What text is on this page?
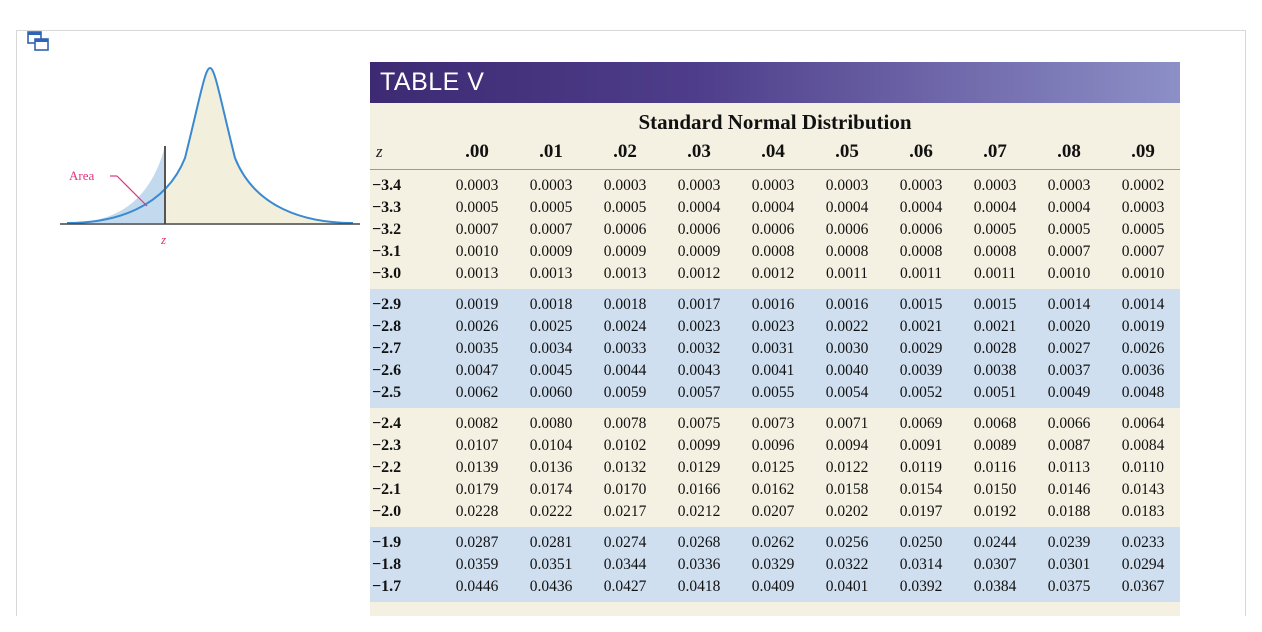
Area
z
TABLE V
Standard Normal Distribution
z	.00	.01	.02	.03	.04	.05	.06	.07	.08	.09
−3.4	0.0003	0.0003	0.0003	0.0003	0.0003	0.0003	0.0003	0.0003	0.0003	0.0002
−3.3	0.0005	0.0005	0.0005	0.0004	0.0004	0.0004	0.0004	0.0004	0.0004	0.0003
−3.2	0.0007	0.0007	0.0006	0.0006	0.0006	0.0006	0.0006	0.0005	0.0005	0.0005
−3.1	0.0010	0.0009	0.0009	0.0009	0.0008	0.0008	0.0008	0.0008	0.0007	0.0007
−3.0	0.0013	0.0013	0.0013	0.0012	0.0012	0.0011	0.0011	0.0011	0.0010	0.0010
−2.9	0.0019	0.0018	0.0018	0.0017	0.0016	0.0016	0.0015	0.0015	0.0014	0.0014
−2.8	0.0026	0.0025	0.0024	0.0023	0.0023	0.0022	0.0021	0.0021	0.0020	0.0019
−2.7	0.0035	0.0034	0.0033	0.0032	0.0031	0.0030	0.0029	0.0028	0.0027	0.0026
−2.6	0.0047	0.0045	0.0044	0.0043	0.0041	0.0040	0.0039	0.0038	0.0037	0.0036
−2.5	0.0062	0.0060	0.0059	0.0057	0.0055	0.0054	0.0052	0.0051	0.0049	0.0048
−2.4	0.0082	0.0080	0.0078	0.0075	0.0073	0.0071	0.0069	0.0068	0.0066	0.0064
−2.3	0.0107	0.0104	0.0102	0.0099	0.0096	0.0094	0.0091	0.0089	0.0087	0.0084
−2.2	0.0139	0.0136	0.0132	0.0129	0.0125	0.0122	0.0119	0.0116	0.0113	0.0110
−2.1	0.0179	0.0174	0.0170	0.0166	0.0162	0.0158	0.0154	0.0150	0.0146	0.0143
−2.0	0.0228	0.0222	0.0217	0.0212	0.0207	0.0202	0.0197	0.0192	0.0188	0.0183
−1.9	0.0287	0.0281	0.0274	0.0268	0.0262	0.0256	0.0250	0.0244	0.0239	0.0233
−1.8	0.0359	0.0351	0.0344	0.0336	0.0329	0.0322	0.0314	0.0307	0.0301	0.0294
−1.7	0.0446	0.0436	0.0427	0.0418	0.0409	0.0401	0.0392	0.0384	0.0375	0.0367
